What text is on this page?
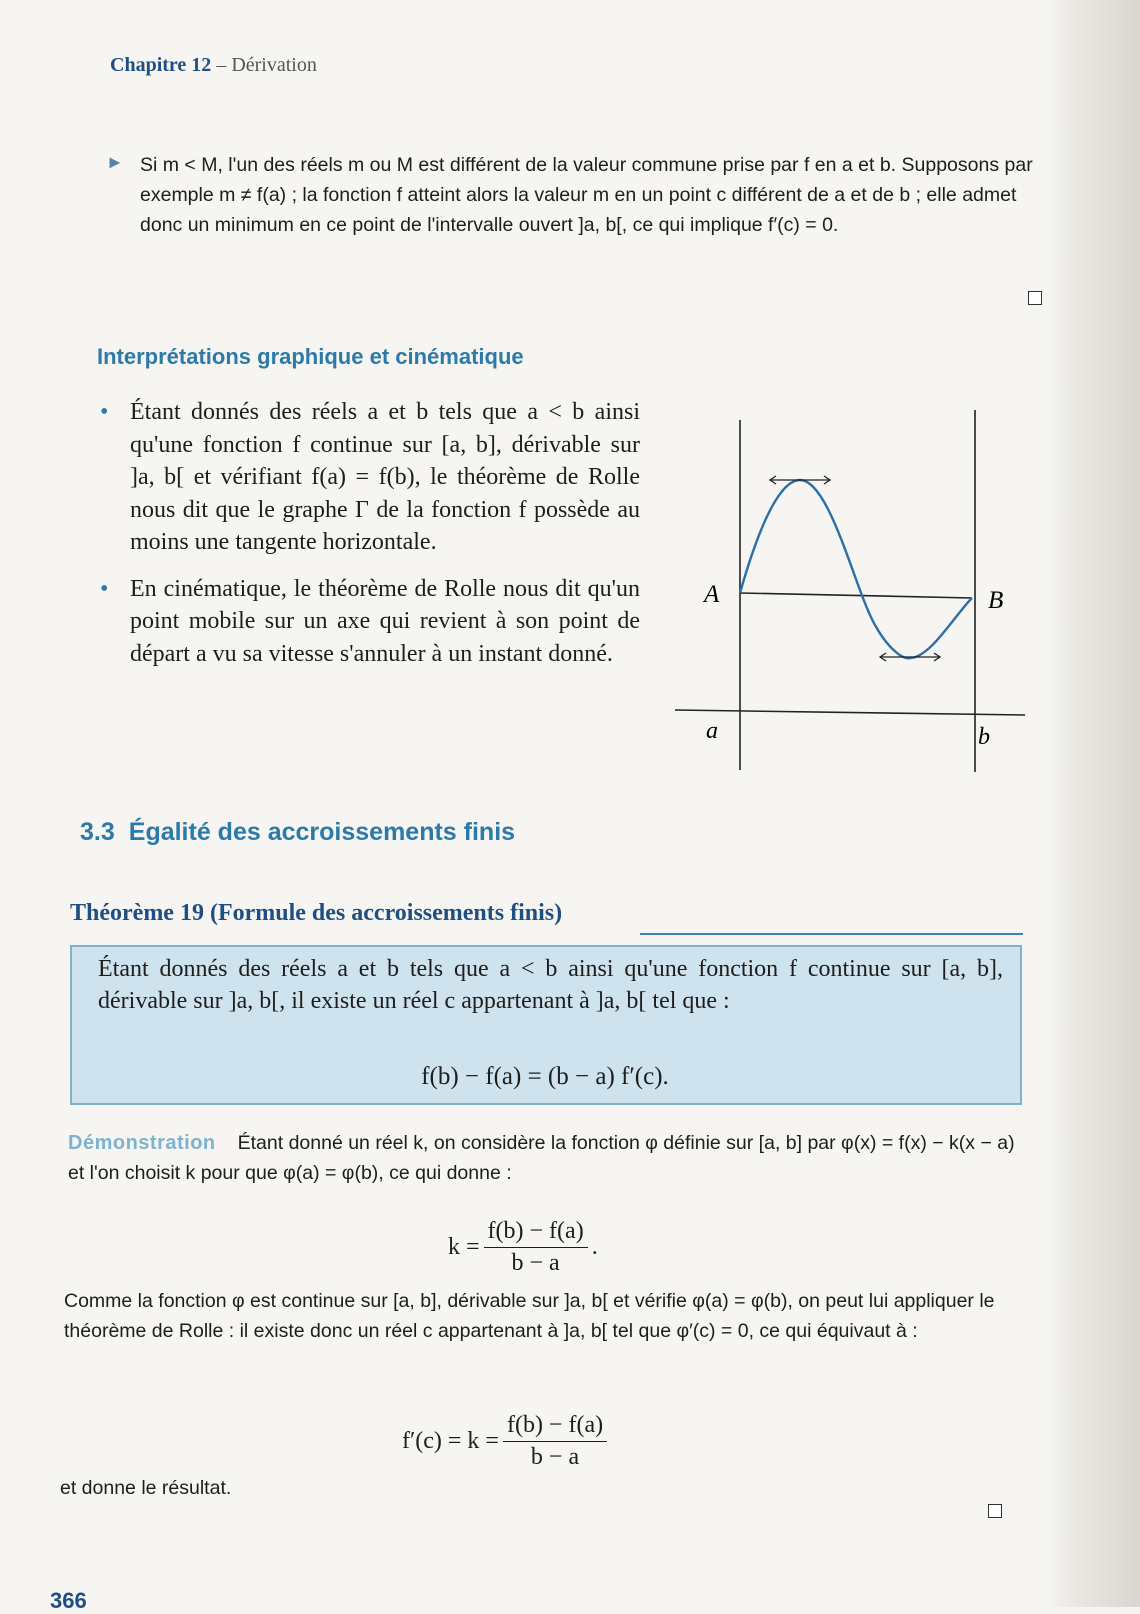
Chapitre 12 – Dérivation
► Si m < M, l'un des réels m ou M est différent de la valeur commune prise par f en a et b. Supposons par exemple m ≠ f(a) ; la fonction f atteint alors la valeur m en un point c différent de a et de b ; elle admet donc un minimum en ce point de l'intervalle ouvert ]a, b[, ce qui implique f′(c) = 0.
Interprétations graphique et cinématique
• Étant donnés des réels a et b tels que a < b ainsi qu'une fonction f continue sur [a, b], dérivable sur ]a, b[ et vérifiant f(a) = f(b), le théorème de Rolle nous dit que le graphe Γ de la fonction f possède au moins une tangente horizontale.
• En cinématique, le théorème de Rolle nous dit qu'un point mobile sur un axe qui revient à son point de départ a vu sa vitesse s'annuler à un instant donné.
A	B
a	b
3.3 Égalité des accroissements finis
Théorème 19 (Formule des accroissements finis)
Étant donnés des réels a et b tels que a < b ainsi qu'une fonction f continue sur [a, b], dérivable sur ]a, b[, il existe un réel c appartenant à ]a, b[ tel que :
f(b) − f(a) = (b − a) f′(c).
Démonstration Étant donné un réel k, on considère la fonction φ définie sur [a, b] par φ(x) = f(x) − k(x − a) et l'on choisit k pour que φ(a) = φ(b), ce qui donne :
$k = \frac{f(b) - f(a)}{b - a}$ .
Comme la fonction φ est continue sur [a, b], dérivable sur ]a, b[ et vérifie φ(a) = φ(b), on peut lui appliquer le théorème de Rolle : il existe donc un réel c appartenant à ]a, b[ tel que φ′(c) = 0, ce qui équivaut à :
$f'(c) = k = \frac{f(b) - f(a)}{b - a}$
et donne le résultat.
366
